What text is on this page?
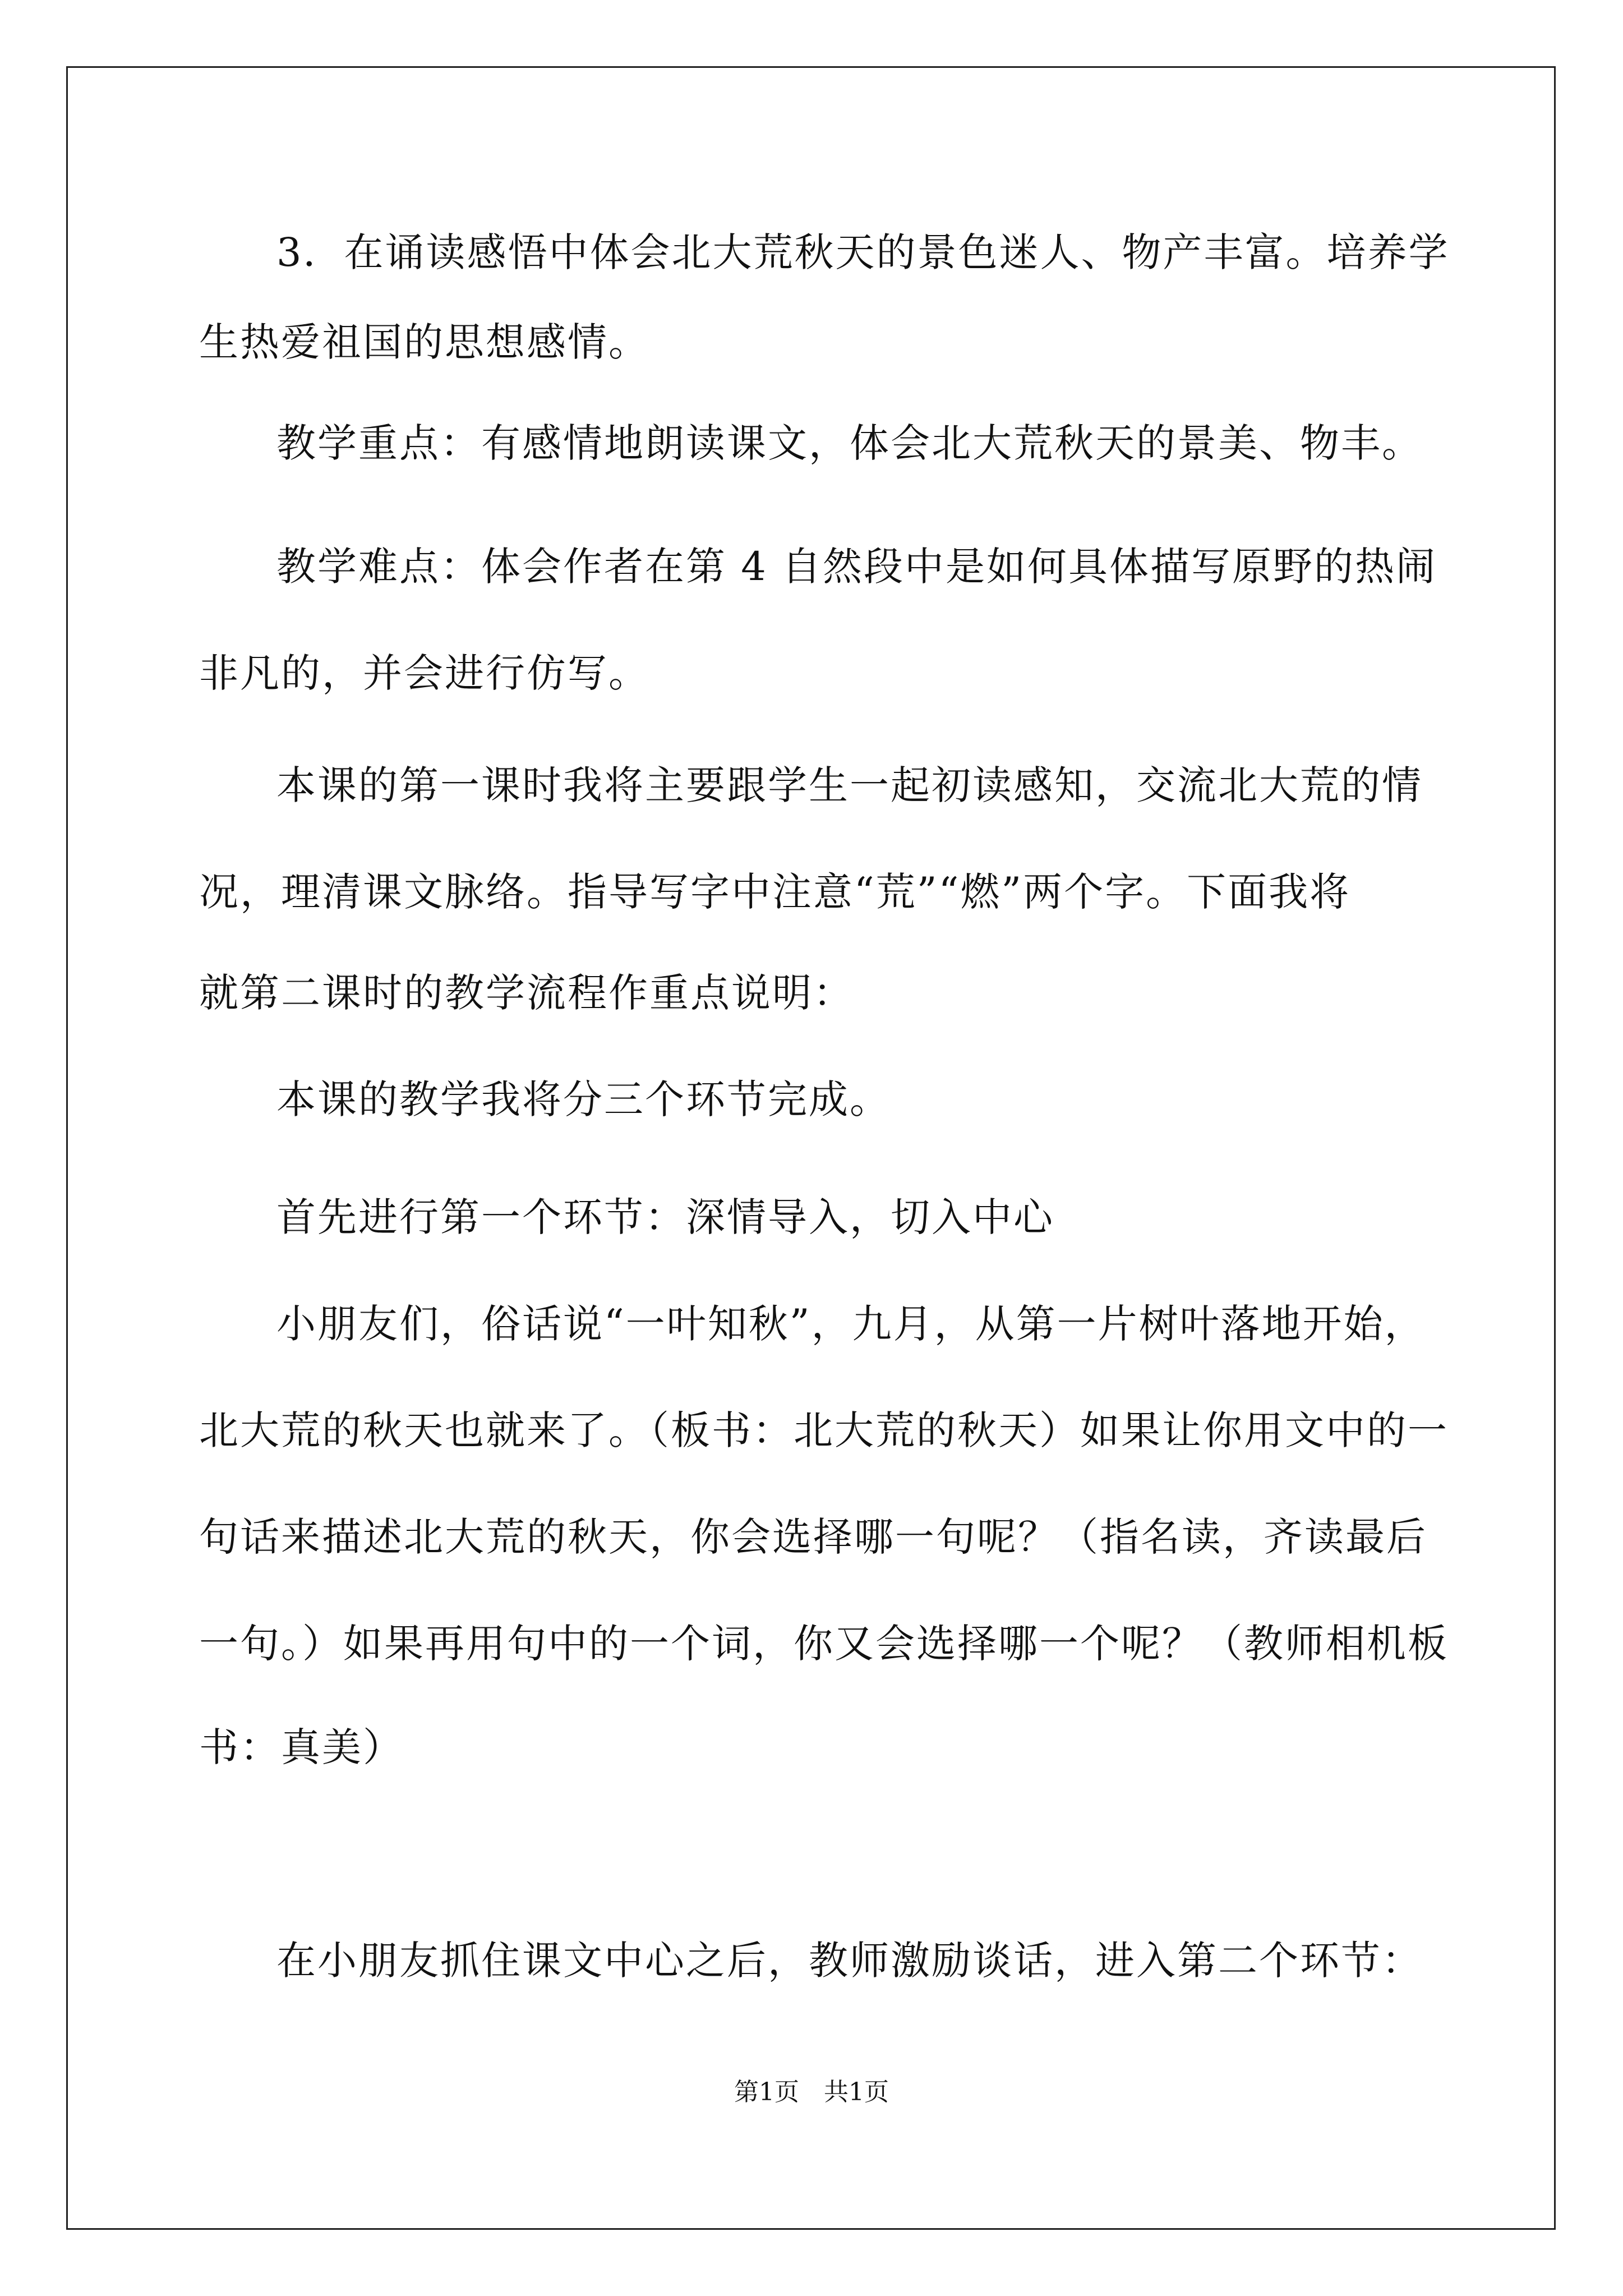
3．在诵读感悟中体会北大荒秋天的景色迷人、物产丰富。培养学
生热爱祖国的思想感情。
教学重点：有感情地朗读课文，体会北大荒秋天的景美、物丰。
教学难点：体会作者在第 4 自然段中是如何具体描写原野的热闹
非凡的，并会进行仿写。
本课的第一课时我将主要跟学生一起初读感知，交流北大荒的情
况，理清课文脉络。指导写字中注意“荒”“燃”两个字。下面我将
就第二课时的教学流程作重点说明：
本课的教学我将分三个环节完成。
首先进行第一个环节：深情导入，切入中心
小朋友们，俗话说“一叶知秋”，九月，从第一片树叶落地开始，
北大荒的秋天也就来了。（板书：北大荒的秋天）如果让你用文中的一
句话来描述北大荒的秋天，你会选择哪一句呢？（指名读，齐读最后
一句。）如果再用句中的一个词，你又会选择哪一个呢？（教师相机板
书：真美）
在小朋友抓住课文中心之后，教师激励谈话，进入第二个环节：
第1页　共1页
